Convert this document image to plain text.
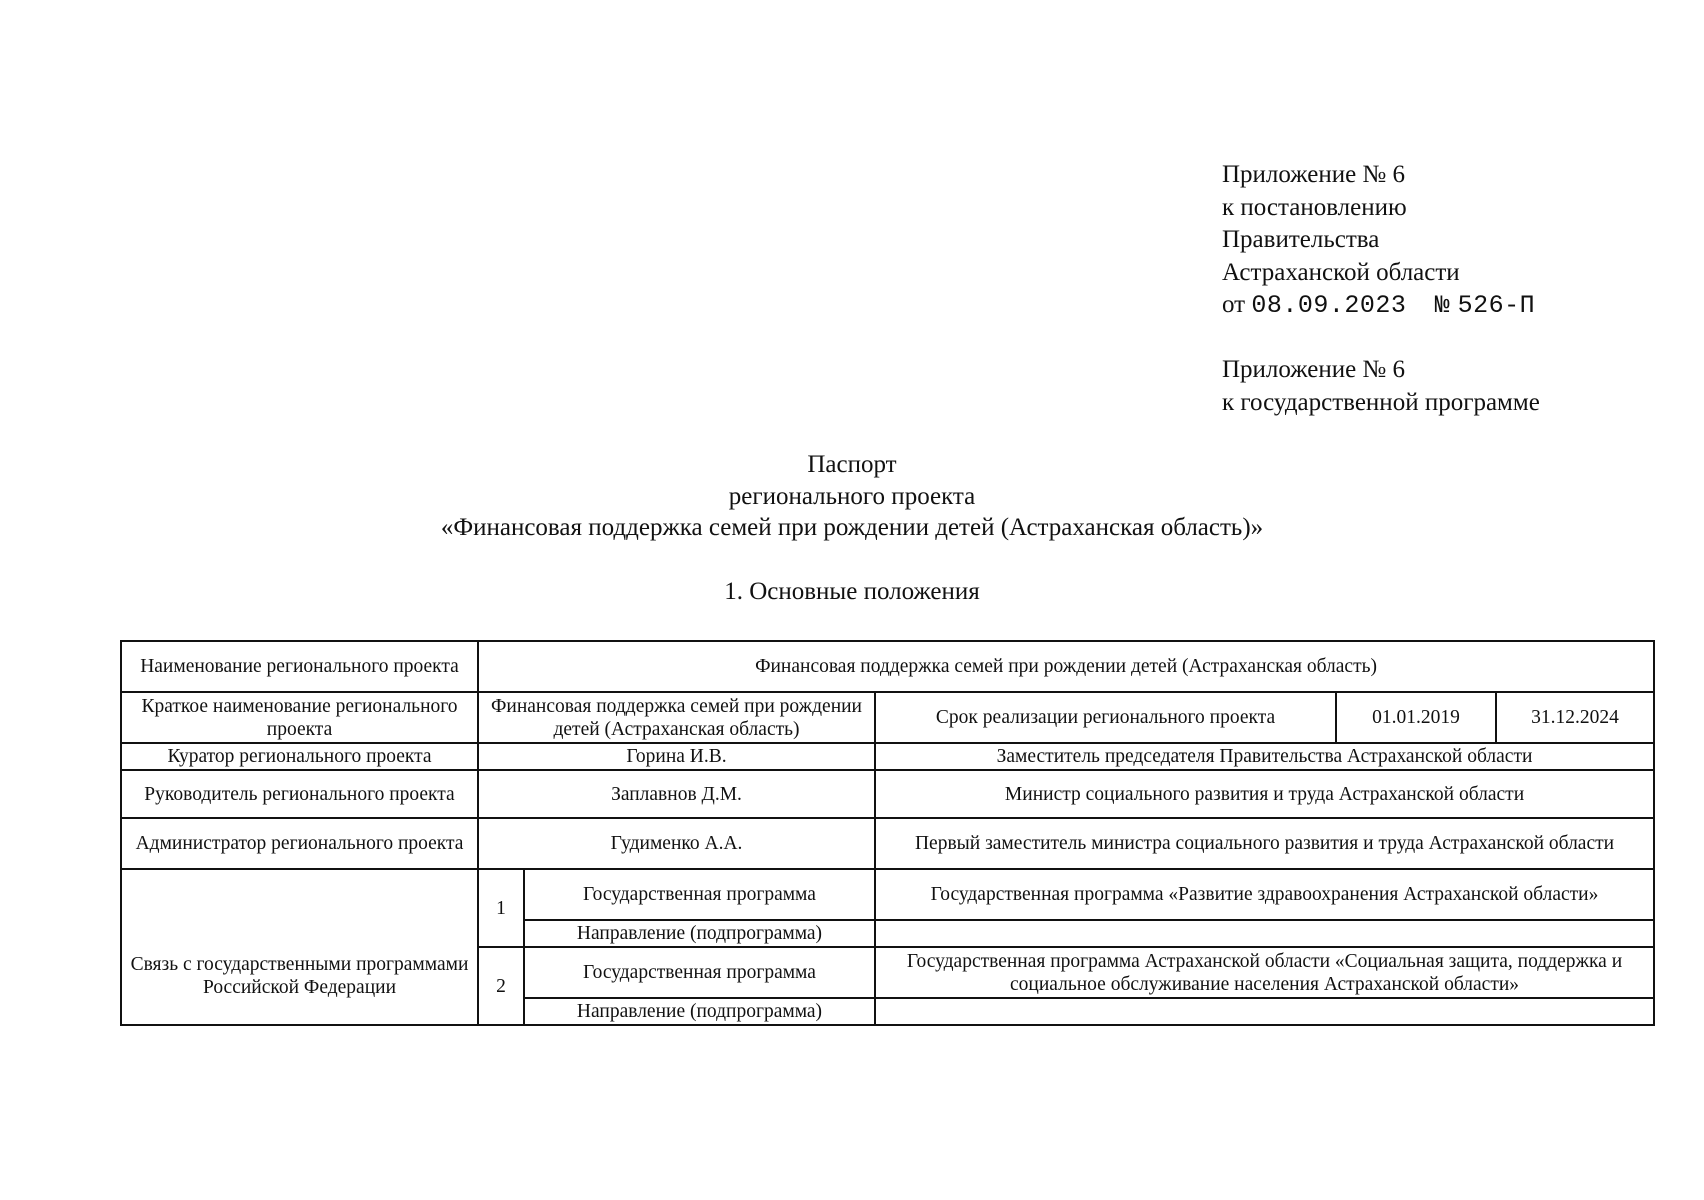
Приложение № 6
к постановлению
Правительства
Астраханской области
от 08.09.2023 № 526-П
Приложение № 6
к государственной программе
Паспорт
регионального проекта
«Финансовая поддержка семей при рождении детей (Астраханская область)»
1. Основные положения
Наименование регионального проекта	Финансовая поддержка семей при рождении детей (Астраханская область)				
Краткое наименование регионального проекта	Финансовая поддержка семей при рождении детей (Астраханская область)		Срок реализации регионального проекта	01.01.2019	31.12.2024
Куратор регионального проекта	Горина И.В.		Заместитель председателя Правительства Астраханской области		
Руководитель регионального проекта	Заплавнов Д.М.		Министр социального развития и труда Астраханской области		
Администратор регионального проекта	Гудименко А.А.		Первый заместитель министра социального развития и труда Астраханской области		
Связь с государственными программами Российской Федерации	1	Государственная программа	Государственная программа «Развитие здравоохранения Астраханской области»		
		Направление (подпрограмма)			
	2	Государственная программа	Государственная программа Астраханской области «Социальная защита, поддержка и социальное обслуживание населения Астраханской области»		
		Направление (подпрограмма)			
